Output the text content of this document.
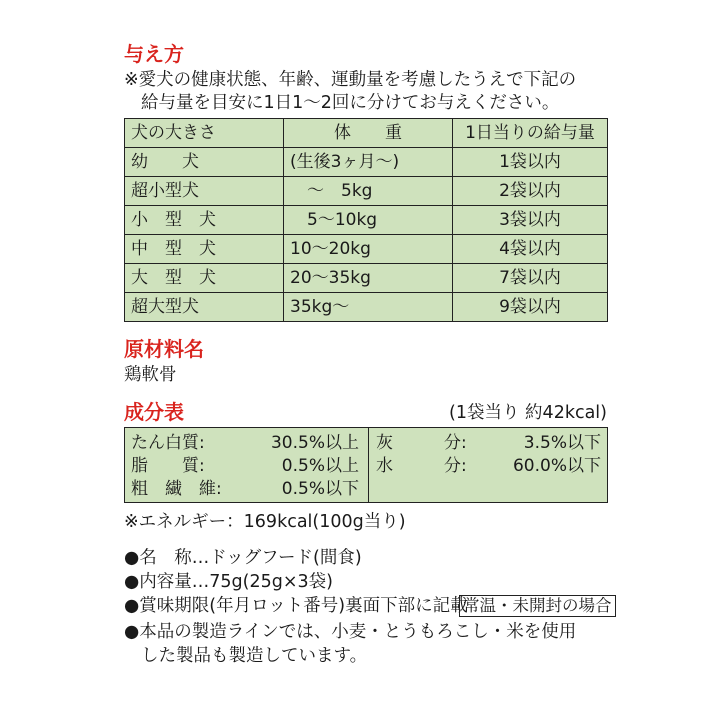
与え方
※愛犬の健康状態、年齢、運動量を考慮したうえで下記の
給与量を目安に1日1～2回に分けてお与えください。
犬の大きさ	体　　重	1日当りの給与量
幼　　犬	(生後3ヶ月～)	1袋以内
超小型犬	　～　5kg	2袋以内
小　型　犬	　5～10kg	3袋以内
中　型　犬	10～20kg	4袋以内
大　型　犬	20～35kg	7袋以内
超大型犬	35kg～	9袋以内
原材料名
鶏軟骨
成分表	(1袋当り 約42kcal)
たん白質:	30.5%以上
脂　　質:	0.5%以上
粗　繊　維:	0.5%以下
灰　　　分:	3.5%以下
水　　　分:	60.0%以下
※エネルギー：169kcal(100g当り)
●名　称…ドッグフード(間食)
●内容量…75g(25g×3袋)
●賞味期限(年月ロット番号)裏面下部に記載
常温・未開封の場合
●本品の製造ラインでは、小麦・とうもろこし・米を使用
した製品も製造しています。
